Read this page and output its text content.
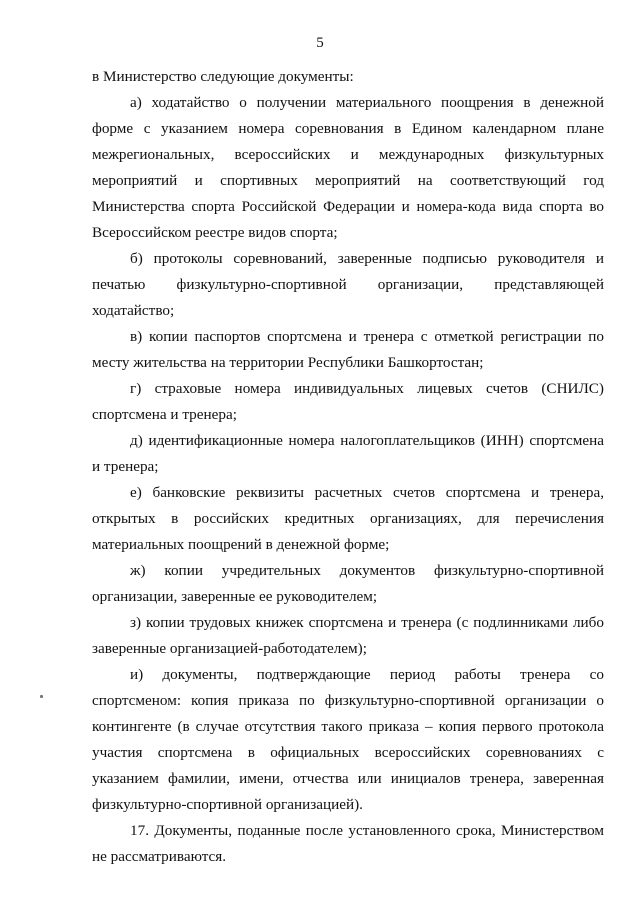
5

в Министерство следующие документы:

а) ходатайство о получении материального поощрения в денежной форме с указанием номера соревнования в Едином календарном плане межрегиональных, всероссийских и международных физкультурных мероприятий и спортивных мероприятий на соответствующий год Министерства спорта Российской Федерации и номера-кода вида спорта во Всероссийском реестре видов спорта;

б) протоколы соревнований, заверенные подписью руководителя и печатью физкультурно-спортивной организации, представляющей ходатайство;

в) копии паспортов спортсмена и тренера с отметкой регистрации по месту жительства на территории Республики Башкортостан;

г) страховые номера индивидуальных лицевых счетов (СНИЛС) спортсмена и тренера;

д) идентификационные номера налогоплательщиков (ИНН) спортсмена и тренера;

е) банковские реквизиты расчетных счетов спортсмена и тренера, открытых в российских кредитных организациях, для перечисления материальных поощрений в денежной форме;

ж) копии учредительных документов физкультурно-спортивной организации, заверенные ее руководителем;

з) копии трудовых книжек спортсмена и тренера (с подлинниками либо заверенные организацией-работодателем);

и) документы, подтверждающие период работы тренера со спортсменом: копия приказа по физкультурно-спортивной организации о контингенте (в случае отсутствия такого приказа – копия первого протокола участия спортсмена в официальных всероссийских соревнованиях с указанием фамилии, имени, отчества или инициалов тренера, заверенная физкультурно-спортивной организацией).

17. Документы, поданные после установленного срока, Министерством не рассматриваются.
